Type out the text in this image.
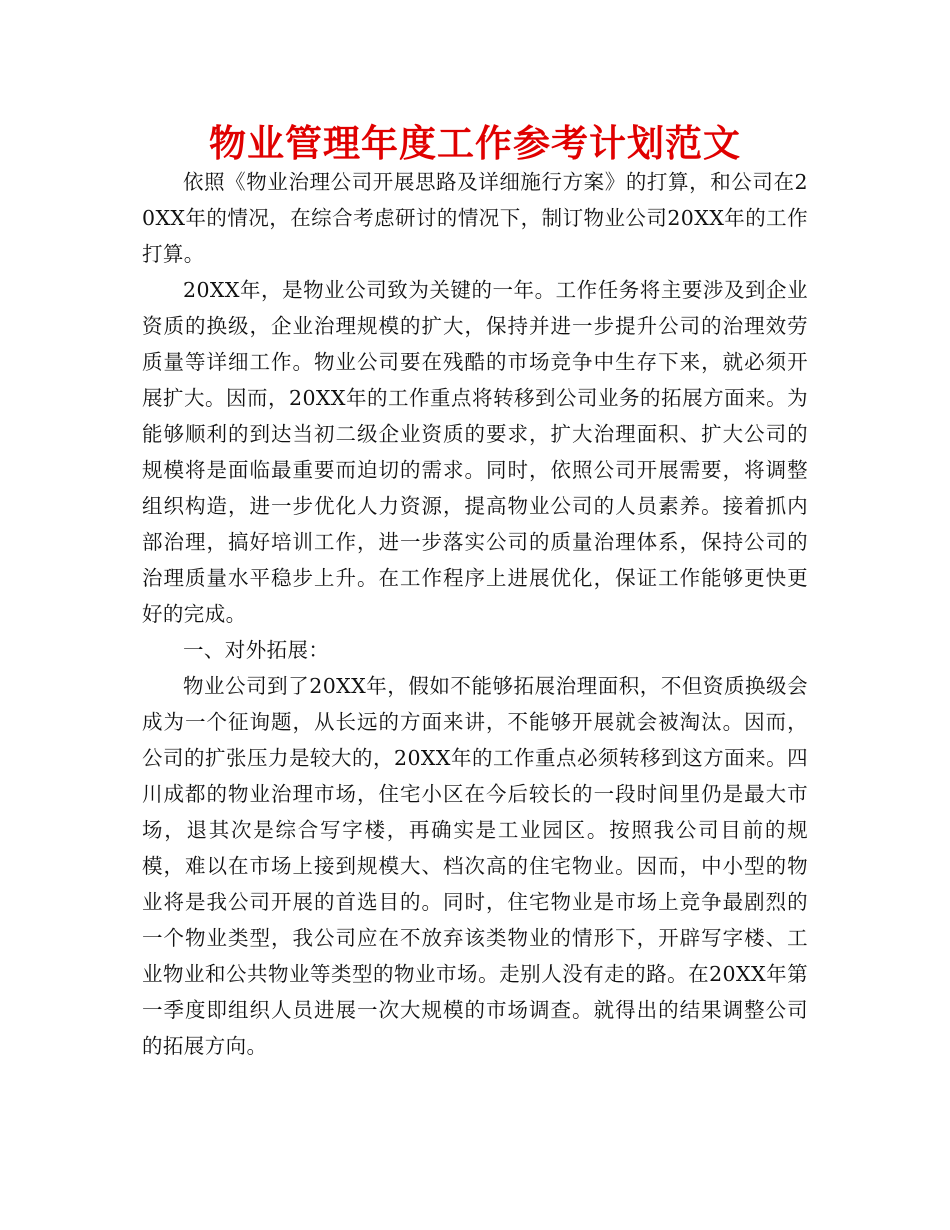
物业管理年度工作参考计划范文

依照《物业治理公司开展思路及详细施行方案》的打算，和公司在20XX年的情况，在综合考虑研讨的情况下，制订物业公司20XX年的工作打算。

20XX年，是物业公司致为关键的一年。工作任务将主要涉及到企业资质的换级，企业治理规模的扩大，保持并进一步提升公司的治理效劳质量等详细工作。物业公司要在残酷的市场竞争中生存下来，就必须开展扩大。因而，20XX年的工作重点将转移到公司业务的拓展方面来。为能够顺利的到达当初二级企业资质的要求，扩大治理面积、扩大公司的规模将是面临最重要而迫切的需求。同时，依照公司开展需要，将调整组织构造，进一步优化人力资源，提高物业公司的人员素养。接着抓内部治理，搞好培训工作，进一步落实公司的质量治理体系，保持公司的治理质量水平稳步上升。在工作程序上进展优化，保证工作能够更快更好的完成。

一、对外拓展：

物业公司到了20XX年，假如不能够拓展治理面积，不但资质换级会成为一个征询题，从长远的方面来讲，不能够开展就会被淘汰。因而，公司的扩张压力是较大的，20XX年的工作重点必须转移到这方面来。四川成都的物业治理市场，住宅小区在今后较长的一段时间里仍是最大市场，退其次是综合写字楼，再确实是工业园区。按照我公司目前的规模，难以在市场上接到规模大、档次高的住宅物业。因而，中小型的物业将是我公司开展的首选目的。同时，住宅物业是市场上竞争最剧烈的一个物业类型，我公司应在不放弃该类物业的情形下，开辟写字楼、工业物业和公共物业等类型的物业市场。走别人没有走的路。在20XX年第一季度即组织人员进展一次大规模的市场调查。就得出的结果调整公司的拓展方向。
